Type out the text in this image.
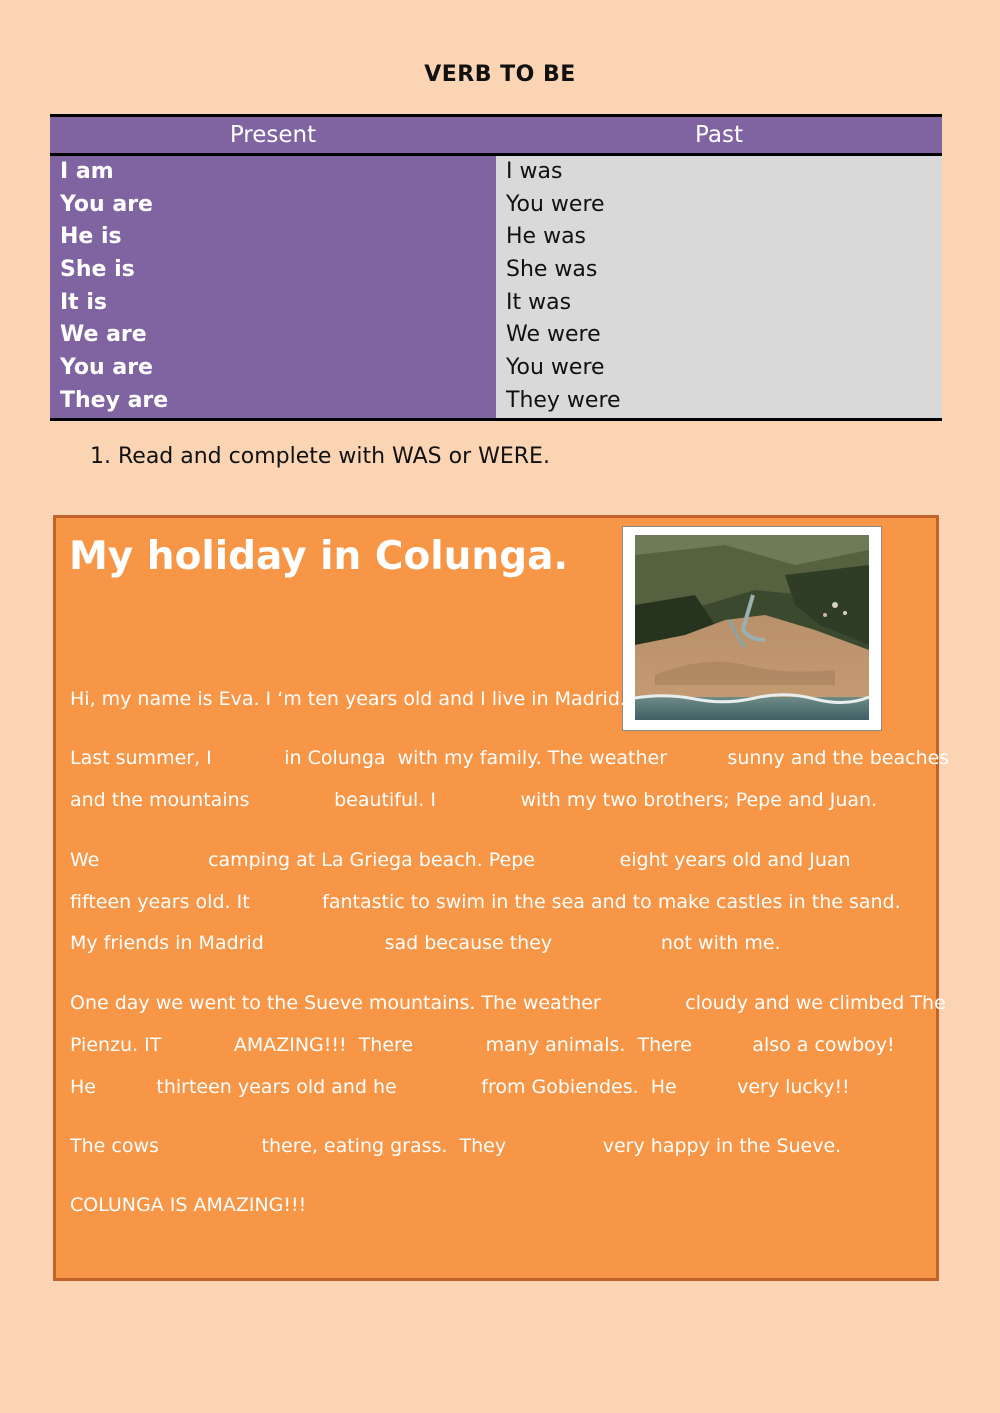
VERB TO BE
Present	Past
I am
You are
He is
She is
It is
We are
You are
They are
I was
You were
He was
She was
It was
We were
You were
They were
1. Read and complete with WAS or WERE.
My holiday in Colunga.
Hi, my name is Eva. I ‘m ten years old and I live in Madrid.
Last summer, I            in Colunga  with my family. The weather          sunny and the beaches
and the mountains              beautiful. I              with my two brothers; Pepe and Juan.
We                  camping at La Griega beach. Pepe              eight years old and Juan
fifteen years old. It            fantastic to swim in the sea and to make castles in the sand.
My friends in Madrid                    sad because they                  not with me.
One day we went to the Sueve mountains. The weather              cloudy and we climbed The
Pienzu. IT            AMAZING!!!  There            many animals.  There          also a cowboy!
He          thirteen years old and he              from Gobiendes.  He          very lucky!!
The cows                 there, eating grass.  They                very happy in the Sueve.
COLUNGA IS AMAZING!!!
